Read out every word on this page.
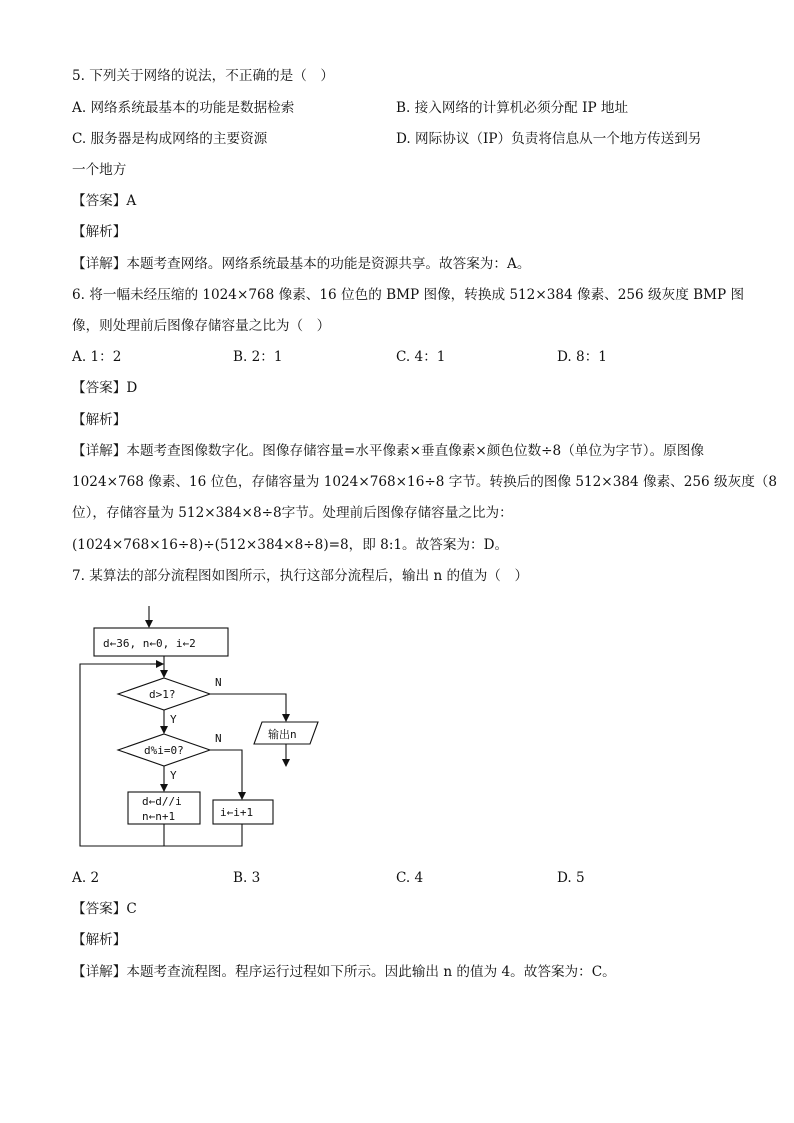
5. 下列关于网络的说法，不正确的是（　）
A. 网络系统最基本的功能是数据检索	B. 接入网络的计算机必须分配 IP 地址
C. 服务器是构成网络的主要资源	D. 网际协议（IP）负责将信息从一个地方传送到另
一个地方
【答案】A
【解析】
【详解】本题考查网络。网络系统最基本的功能是资源共享。故答案为：A。
6. 将一幅未经压缩的 1024×768 像素、16 位色的 BMP 图像，转换成 512×384 像素、256 级灰度 BMP 图
像，则处理前后图像存储容量之比为（　）
A. 1：2	B. 2：1	C. 4：1	D. 8：1
【答案】D
【解析】
【详解】本题考查图像数字化。图像存储容量=水平像素×垂直像素×颜色位数÷8（单位为字节）。原图像
1024×768 像素、16 位色，存储容量为 1024×768×16÷8 字节。转换后的图像 512×384 像素、256 级灰度（8
位），存储容量为 512×384×8÷8字节。处理前后图像存储容量之比为：
(1024×768×16÷8)÷(512×384×8÷8)=8，即 8:1。故答案为：D。
7. 某算法的部分流程图如图所示，执行这部分流程后，输出 n 的值为（　）
d←36, n←0, i←2
d>1?
N
Y
d%i=0?
N
Y
输出n
d←d//i
n←n+1	i←i+1
A. 2	B. 3	C. 4	D. 5
【答案】C
【解析】
【详解】本题考查流程图。程序运行过程如下所示。因此输出 n 的值为 4。故答案为：C。
